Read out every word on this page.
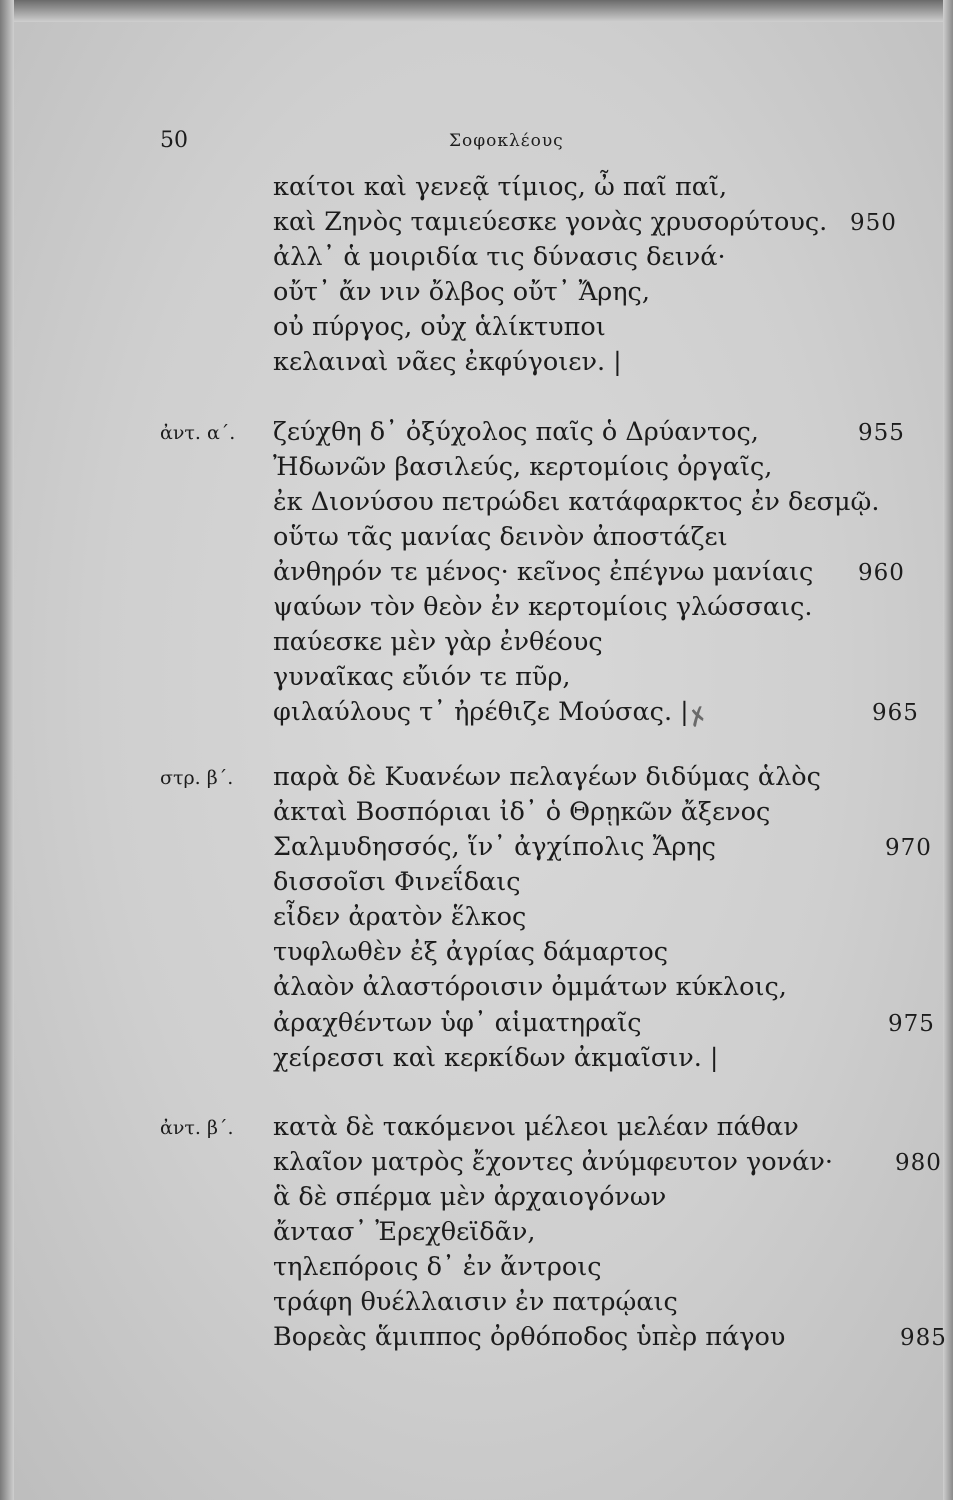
50	Σοφοκλέους
καίτοι καὶ γενεᾷ τίμιος, ὦ παῖ παῖ,
καὶ Ζηνὸς ταμιεύεσκε γονὰς χρυσορύτους.
ἀλλ᾽ ἁ μοιριδία τις δύνασις δεινά·
οὔτ᾽ ἄν νιν ὄλβος οὔτ᾽ Ἄρης,
οὐ πύργος, οὐχ ἁλίκτυποι
κελαιναὶ νᾶες ἐκφύγοιεν. |
ζεύχθη δ᾽ ὀξύχολος παῖς ὁ Δρύαντος,
Ἠδωνῶν βασιλεύς, κερτομίοις ὀργαῖς,
ἐκ Διονύσου πετρώδει κατάφαρκτος ἐν δεσμῷ.
οὕτω τᾶς μανίας δεινὸν ἀποστάζει
ἀνθηρόν τε μένος· κεῖνος ἐπέγνω μανίαις
ψαύων τὸν θεὸν ἐν κερτομίοις γλώσσαις.
παύεσκε μὲν γὰρ ἐνθέους
γυναῖκας εὔιόν τε πῦρ,
φιλαύλους τ᾽ ἠρέθιζε Μούσας. |
παρὰ δὲ Κυανέων πελαγέων διδύμας ἁλὸς
ἀκταὶ Βοσπόριαι ἰδ᾽ ὁ Θρῃκῶν ἄξενος
Σαλμυδησσός, ἵν᾽ ἀγχίπολις Ἄρης
δισσοῖσι Φινεΐδαις
εἶδεν ἀρατὸν ἕλκος
τυφλωθὲν ἐξ ἀγρίας δάμαρτος
ἀλαὸν ἀλαστόροισιν ὀμμάτων κύκλοις,
ἀραχθέντων ὑφ᾽ αἱματηραῖς
χείρεσσι καὶ κερκίδων ἀκμαῖσιν. |
κατὰ δὲ τακόμενοι μέλεοι μελέαν πάθαν
κλαῖον ματρὸς ἔχοντες ἀνύμφευτον γονάν·
ἃ δὲ σπέρμα μὲν ἀρχαιογόνων
ἄντασ᾽ Ἐρεχθεϊδᾶν,
τηλεπόροις δ᾽ ἐν ἄντροις
τράφη θυέλλαισιν ἐν πατρῴαις
Βορεὰς ἅμιππος ὀρθόποδος ὑπὲρ πάγου
ἀντ. α΄.
στρ. β΄.
ἀντ. β΄.
950
955
960
965
970
975
980
985
✗
